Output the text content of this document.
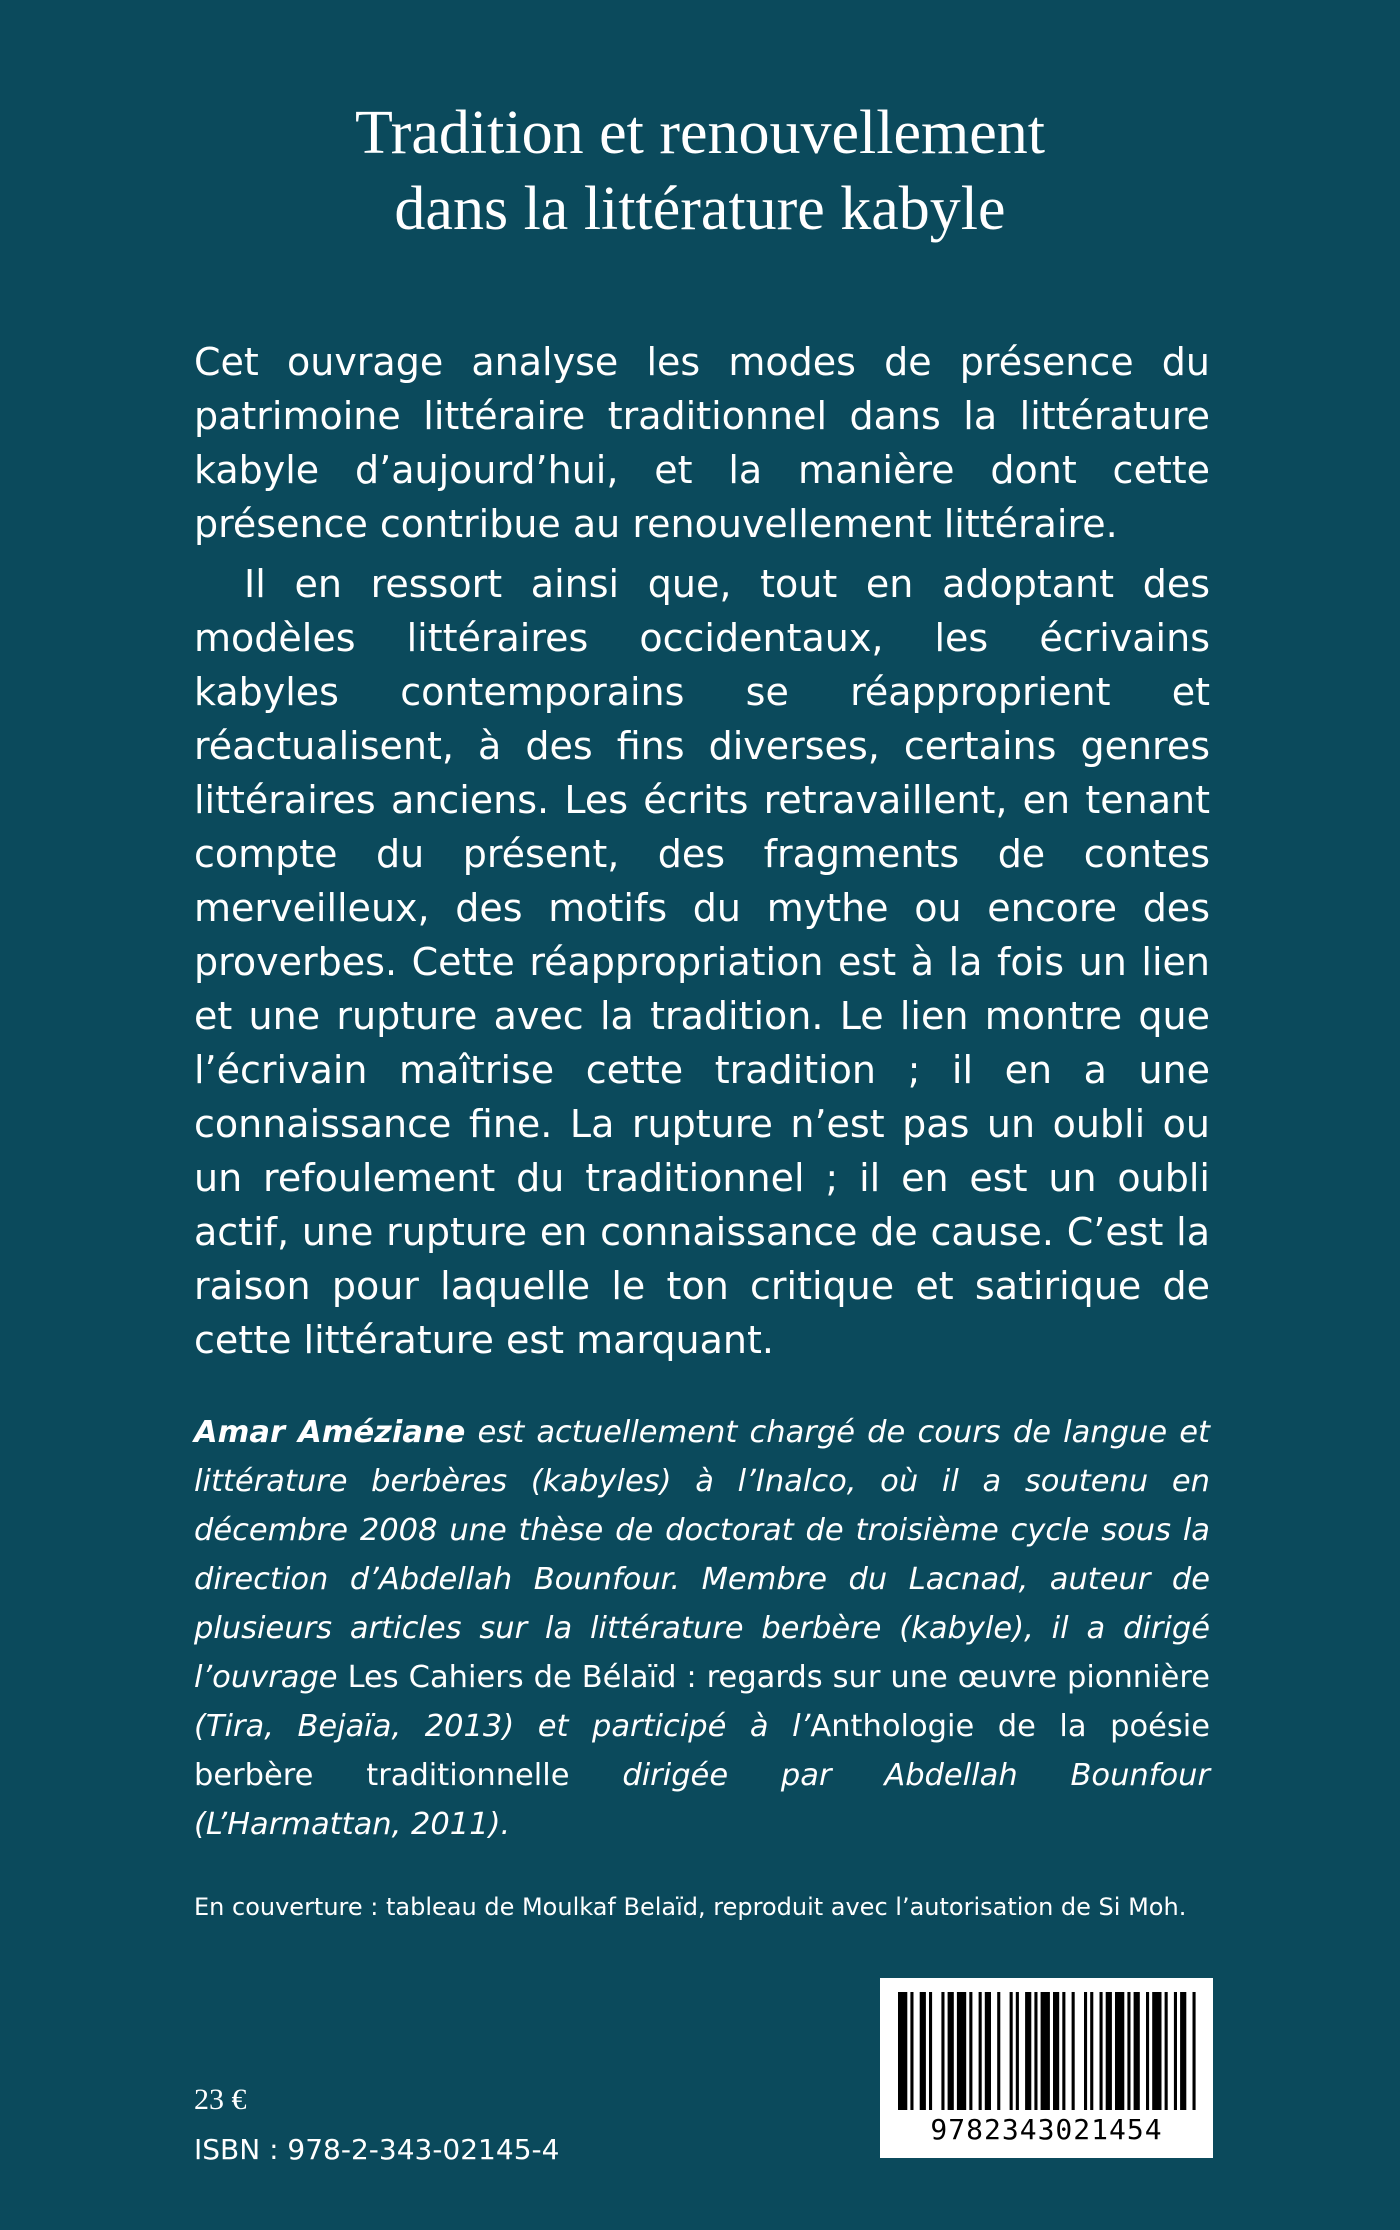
Tradition et renouvellement
dans la littérature kabyle

Cet ouvrage analyse les modes de présence du patrimoine littéraire traditionnel dans la littérature kabyle d’aujourd’hui, et la manière dont cette présence contribue au renouvellement littéraire.

Il en ressort ainsi que, tout en adoptant des modèles littéraires occidentaux, les écrivains kabyles contemporains se réapproprient et réactualisent, à des fins diverses, certains genres littéraires anciens. Les écrits retravaillent, en tenant compte du présent, des fragments de contes merveilleux, des motifs du mythe ou encore des proverbes. Cette réappropriation est à la fois un lien et une rupture avec la tradition. Le lien montre que l’écrivain maîtrise cette tradition ; il en a une connaissance fine. La rupture n’est pas un oubli ou un refoulement du traditionnel ; il en est un oubli actif, une rupture en connaissance de cause. C’est la raison pour laquelle le ton critique et satirique de cette littérature est marquant.

Amar Améziane est actuellement chargé de cours de langue et littérature berbères (kabyles) à l’Inalco, où il a soutenu en décembre 2008 une thèse de doctorat de troisième cycle sous la direction d’Abdellah Bounfour. Membre du Lacnad, auteur de plusieurs articles sur la littérature berbère (kabyle), il a dirigé l’ouvrage Les Cahiers de Bélaïd : regards sur une œuvre pionnière (Tira, Bejaïa, 2013) et participé à l’Anthologie de la poésie berbère traditionnelle dirigée par Abdellah Bounfour (L’Harmattan, 2011).
En couverture : tableau de Moulkaf Belaïd, reproduit avec l’autorisation de Si Moh.
23 €
ISBN : 978-2-343-02145-4
9782343021454
